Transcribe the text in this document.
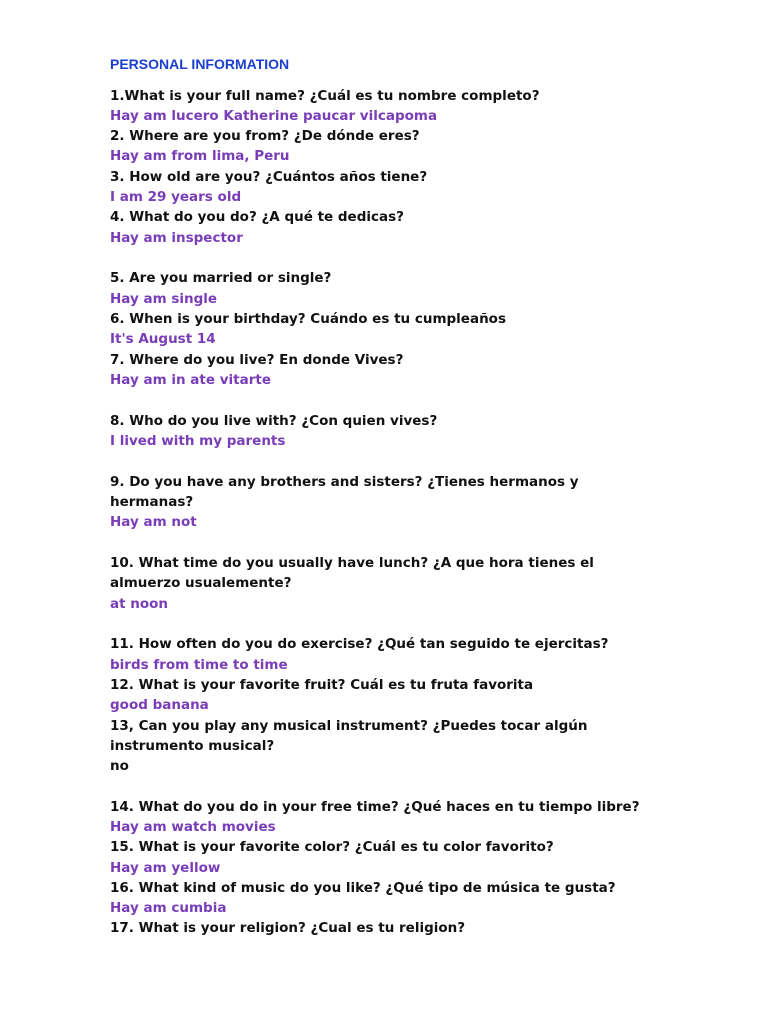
PERSONAL INFORMATION
1.What is your full name? ¿Cuál es tu nombre completo?
Hay am lucero Katherine paucar vilcapoma
2. Where are you from? ¿De dónde eres?
Hay am from lima, Peru
3. How old are you? ¿Cuántos años tiene?
I am 29 years old
4. What do you do? ¿A qué te dedicas?
Hay am inspector
5. Are you married or single?
Hay am single
6. When is your birthday? Cuándo es tu cumpleaños
It's August 14
7. Where do you live? En donde Vives?
Hay am in ate vitarte
8. Who do you live with? ¿Con quien vives?
I lived with my parents
9. Do you have any brothers and sisters? ¿Tienes hermanos y
hermanas?
Hay am not
10. What time do you usually have lunch? ¿A que hora tienes el
almuerzo usualemente?
at noon
11. How often do you do exercise? ¿Qué tan seguido te ejercitas?
birds from time to time
12. What is your favorite fruit? Cuál es tu fruta favorita
good banana
13, Can you play any musical instrument? ¿Puedes tocar algún
instrumento musical?
no
14. What do you do in your free time? ¿Qué haces en tu tiempo libre?
Hay am watch movies
15. What is your favorite color? ¿Cuál es tu color favorito?
Hay am yellow
16. What kind of music do you like? ¿Qué tipo de música te gusta?
Hay am cumbia
17. What is your religion? ¿Cual es tu religion?
